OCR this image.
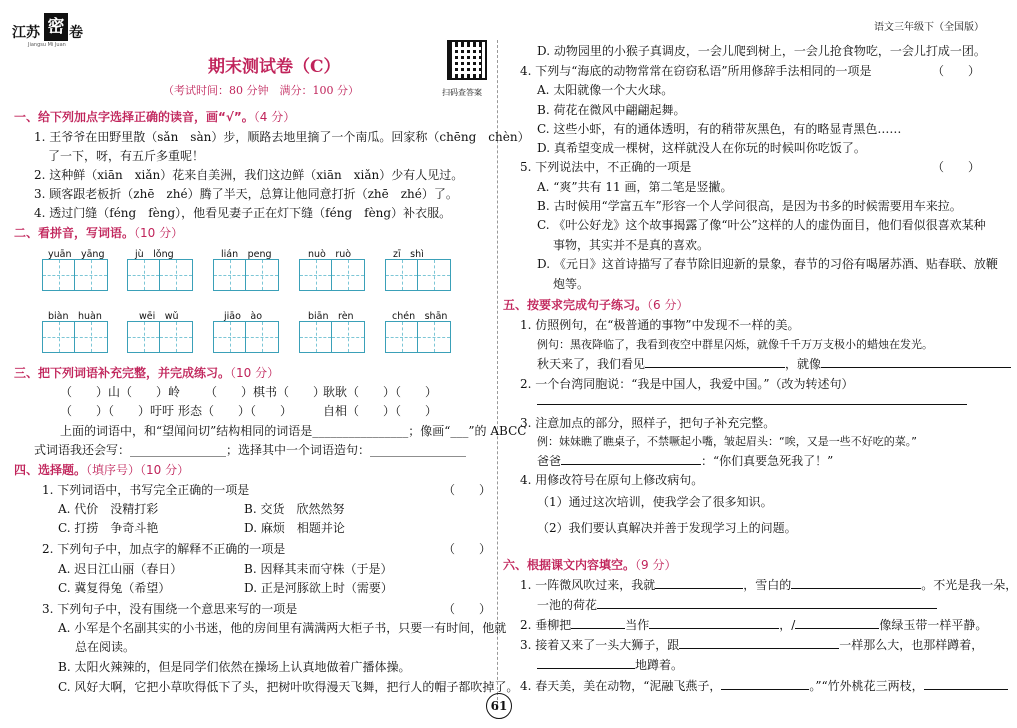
江苏 密 卷
Jiangsu Mi Juan
语文三年级下（全国版）
期末测试卷（C）
（考试时间：80 分钟　满分：100 分）	扫码查答案
一、给下列加点字选择正确的读音，画“√”。（4 分）
1. 王爷爷在田野里散（sǎn　sàn）步，顺路去地里摘了一个南瓜。回家称（chēng　chèn）
了一下，呀，有五斤多重呢！
2. 这种鲜（xiān　xiǎn）花来自美洲，我们这边鲜（xiān　xiǎn）少有人见过。
3. 顾客跟老板折（zhē　zhé）腾了半天，总算让他同意打折（zhē　zhé）了。
4. 透过门缝（féng　fèng），他看见妻子正在灯下缝（féng　fèng）补衣服。
二、看拼音，写词语。（10 分）
yuān　yāng	jù　lǒng	lián　peng	nuò　ruò	zī　shì
biàn　huàn	wēi　wǔ	jiāo　ào	biān　rèn	chén　shān
三、把下列词语补充完整，并完成练习。（10 分）
（　　）山（　　）岭 （　　）棋书（　　）
耿耿（　　）（　　）
（　　）（　　）吁吁 形态（　　）（　　）	自相（　　）（　　）
上面的词语中，和“望闻问切”结构相同的词语是________________；像画“___”的 ABCC
式词语我还会写：________________；选择其中一个词语造句：________________
四、选择题。（填序号）（10 分）
1. 下列词语中，书写完全正确的一项是	（　　）
A. 代价　没精打彩	B. 交货　欣然然努
C. 打捞　争奇斗艳	D. 麻烦　相题并论
2. 下列句子中，加点字的解释不正确的一项是	（　　）
A. 迟日江山丽（春日）	B. 因释其耒而守株（于是）
C. 冀复得兔（希望）	D. 正是河豚欲上时（需要）
3. 下列句子中，没有围绕一个意思来写的一项是	（　　）
A. 小军是个名副其实的小书迷，他的房间里有满满两大柜子书，只要一有时间，他就
总在阅读。
B. 太阳火辣辣的，但是同学们依然在操场上认真地做着广播体操。
C. 风好大啊，它把小草吹得低下了头，把树叶吹得漫天飞舞，把行人的帽子都吹掉了。
D. 动物园里的小猴子真调皮，一会儿爬到树上，一会儿抢食物吃，一会儿打成一团。
4. 下列与“海底的动物常常在窃窃私语”所用修辞手法相同的一项是	（　　）
A. 太阳就像一个大火球。
B. 荷花在微风中翩翩起舞。
C. 这些小虾，有的通体透明，有的稍带灰黑色，有的略显青黑色……
D. 真希望变成一棵树，这样就没人在你玩的时候叫你吃饭了。
5. 下列说法中，不正确的一项是	（　　）
A. “爽”共有 11 画，第二笔是竖撇。
B. 古时候用“学富五车”形容一个人学问很高，是因为书多的时候需要用车来拉。
C. 《叶公好龙》这个故事揭露了像“叶公”这样的人的虚伪面目，他们看似很喜欢某种
事物，其实并不是真的喜欢。
D. 《元日》这首诗描写了春节除旧迎新的景象，春节的习俗有喝屠苏酒、贴春联、放鞭
炮等。
五、按要求完成句子练习。（6 分）
1. 仿照例句，在“极普通的事物”中发现不一样的美。
例句：黑夜降临了，我看到夜空中群星闪烁，就像千千万万支极小的蜡烛在发光。
秋天来了，我们看见	，就像
2. 一个台湾同胞说：“我是中国人，我爱中国。”（改为转述句）
3. 注意加点的部分，照样子，把句子补充完整。
例：妹妹瞧了瞧桌子，不禁噘起小嘴，皱起眉头：“唉，又是一些不好吃的菜。”
爸爸	：“你们真要急死我了！”
4. 用修改符号在原句上修改病句。
（1）通过这次培训，使我学会了很多知识。
（2）我们要认真解决并善于发现学习上的问题。
六、根据课文内容填空。（9 分）
1. 一阵微风吹过来，我就	，雪白的	。不光是我一朵，
一池的荷花
2. 垂柳把	当作	，/	像绿玉带一样平静。
3. 接着又来了一头大狮子，跟	一样那么大，也那样蹲着，
地蹲着。
4. 春天美，美在动物，“泥融飞燕子，	。”“竹外桃花三两枝，
61
